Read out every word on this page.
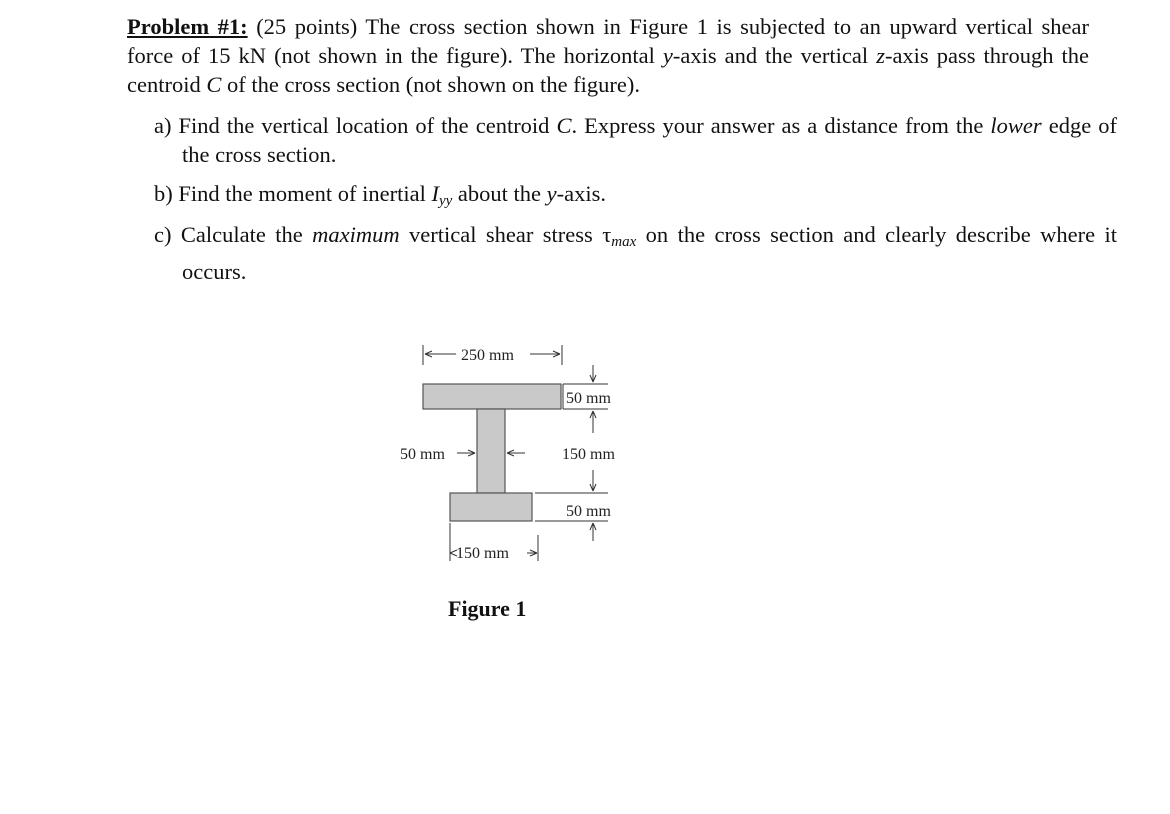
Problem #1: (25 points) The cross section shown in Figure 1 is subjected to an upward vertical shear force of 15 kN (not shown in the figure). The horizontal y-axis and the vertical z-axis pass through the centroid C of the cross section (not shown on the figure).
a) Find the vertical location of the centroid C. Express your answer as a distance from the lower edge of the cross section.
b) Find the moment of inertial $I_{yy}$ about the y-axis.
c) Calculate the maximum vertical shear stress $\tau_{max}$ on the cross section and clearly describe where it occurs.
250 mm
50 mm
150 mm
50 mm
50 mm
150 mm
Figure 1
